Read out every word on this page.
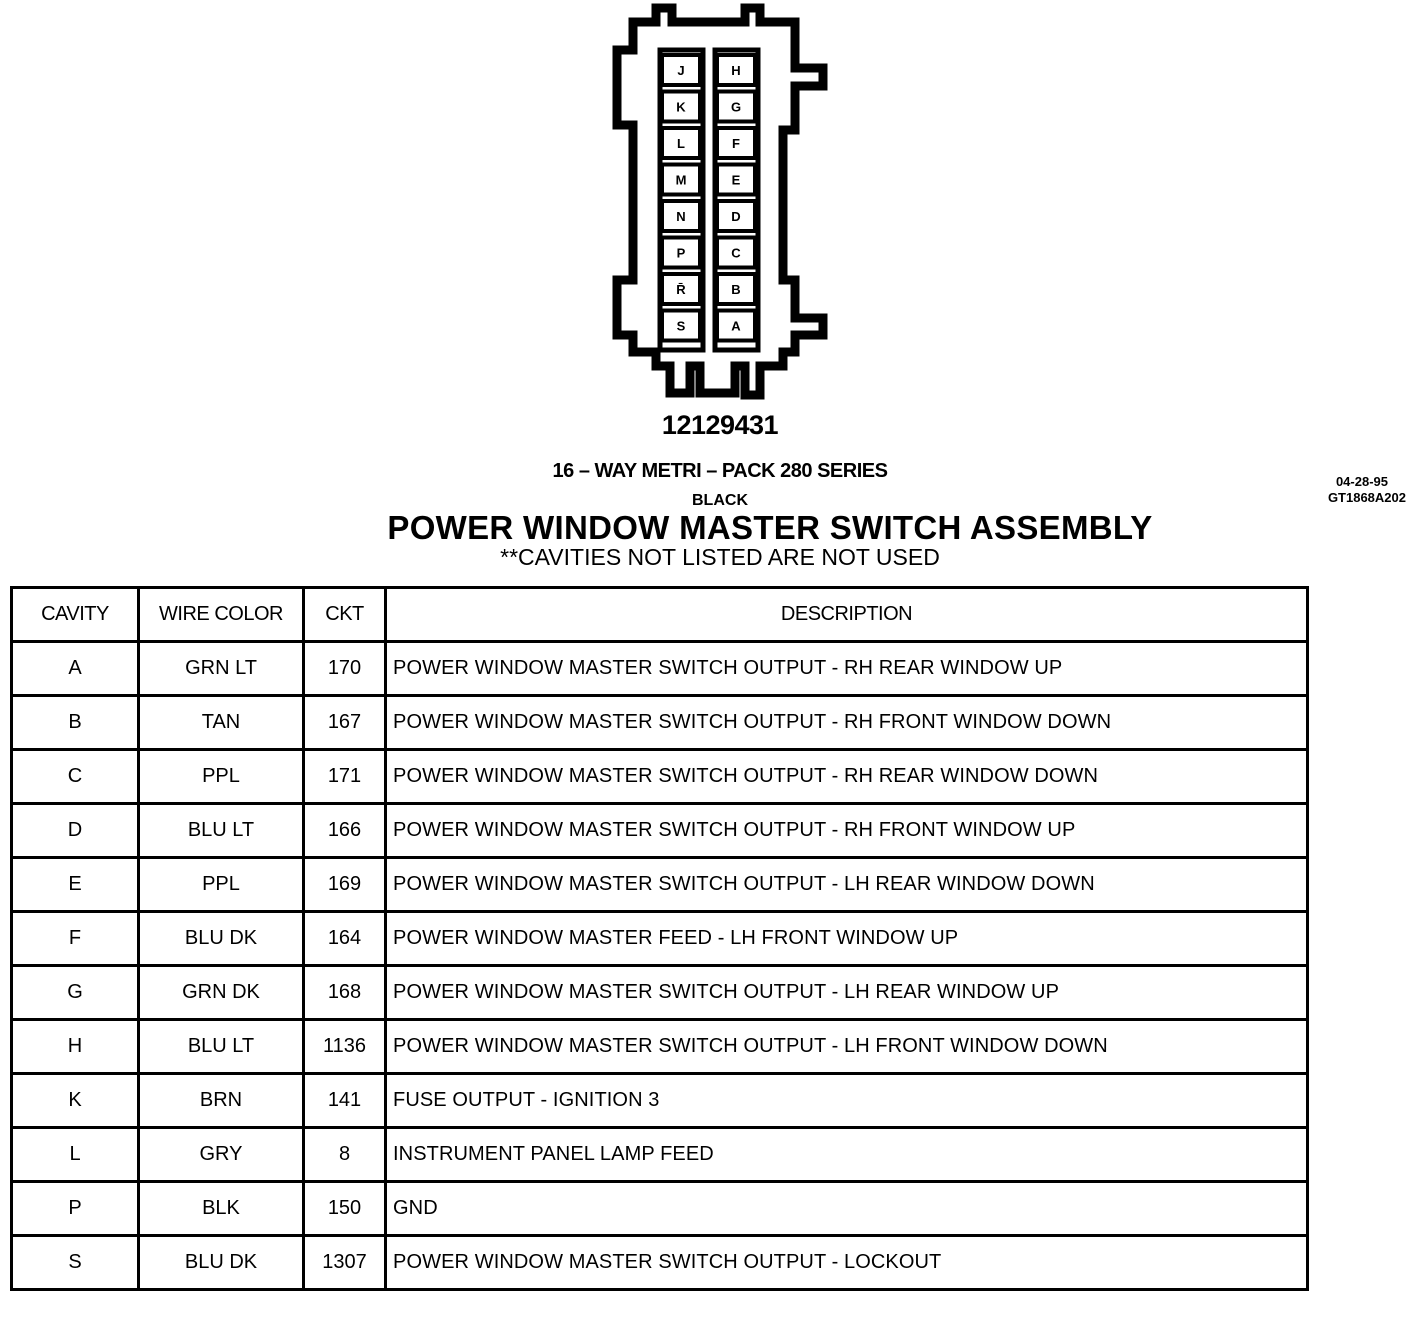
J
K
L
M
N
P
R̄
S
H
G
F
E
D
C
B
A
12129431
16 – WAY METRI – PACK 280 SERIES
BLACK
POWER WINDOW MASTER SWITCH ASSEMBLY
**CAVITIES NOT LISTED ARE NOT USED
04-28-95
GT1868A202
CAVITY	WIRE COLOR	CKT	DESCRIPTION
A	GRN LT	170	POWER WINDOW MASTER SWITCH OUTPUT - RH REAR WINDOW UP
B	TAN	167	POWER WINDOW MASTER SWITCH OUTPUT - RH FRONT WINDOW DOWN
C	PPL	171	POWER WINDOW MASTER SWITCH OUTPUT - RH REAR WINDOW DOWN
D	BLU LT	166	POWER WINDOW MASTER SWITCH OUTPUT - RH FRONT WINDOW UP
E	PPL	169	POWER WINDOW MASTER SWITCH OUTPUT - LH REAR WINDOW DOWN
F	BLU DK	164	POWER WINDOW MASTER FEED - LH FRONT WINDOW UP
G	GRN DK	168	POWER WINDOW MASTER SWITCH OUTPUT - LH REAR WINDOW UP
H	BLU LT	1136	POWER WINDOW MASTER SWITCH OUTPUT - LH FRONT WINDOW DOWN
K	BRN	141	FUSE OUTPUT - IGNITION 3
L	GRY	8	INSTRUMENT PANEL LAMP FEED
P	BLK	150	GND
S	BLU DK	1307	POWER WINDOW MASTER SWITCH OUTPUT - LOCKOUT
